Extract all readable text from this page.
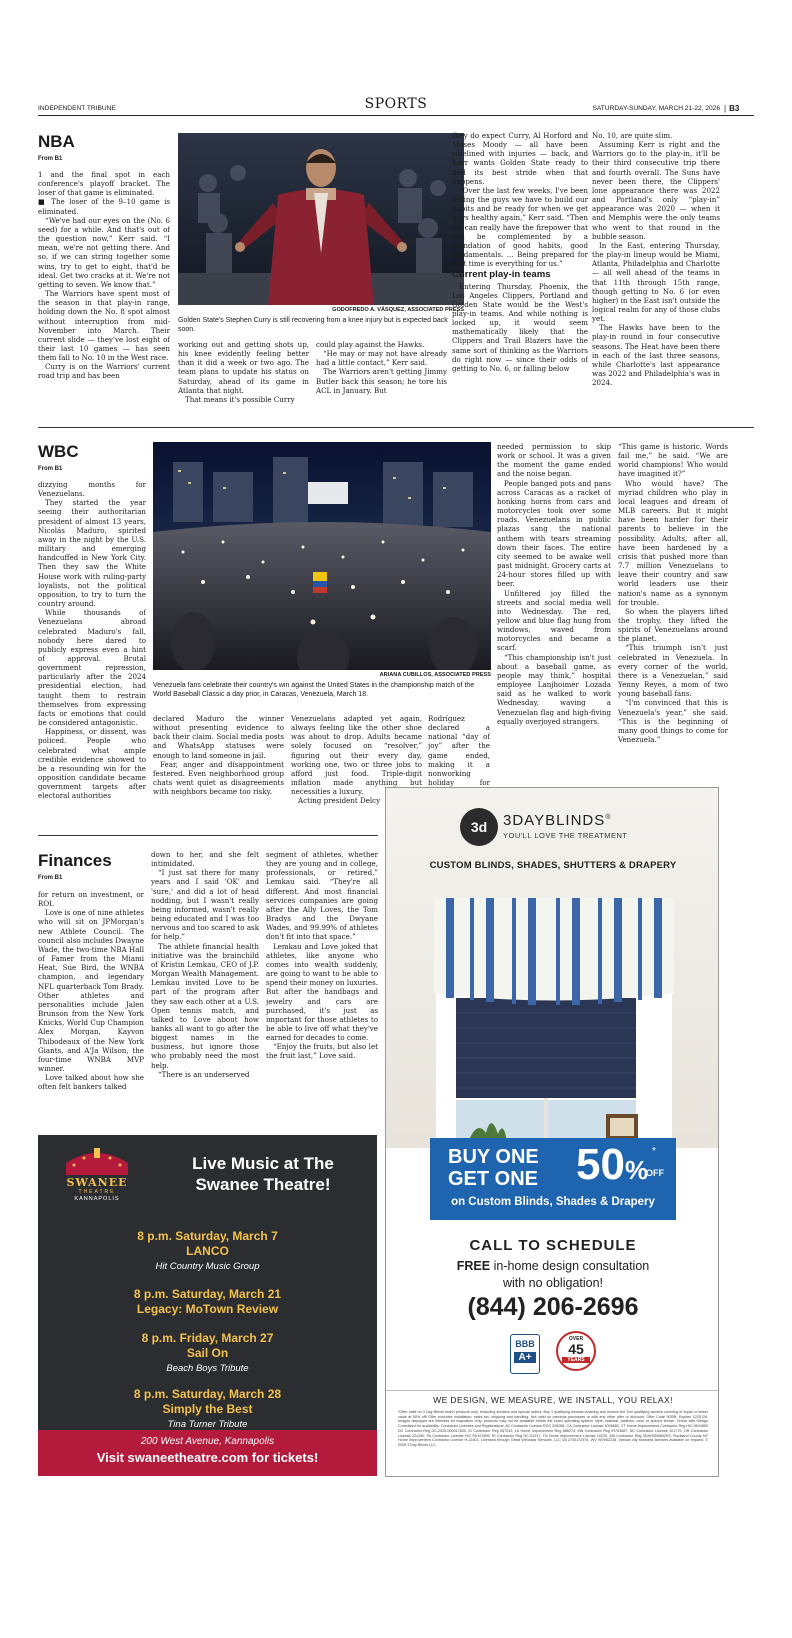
INDEPENDENT TRIBUNE	SPORTS	SATURDAY-SUNDAY, MARCH 21-22, 2026 | B3
NBA
From B1
GODOFREDO A. VÁSQUEZ, ASSOCIATED PRESS
Golden State's Stephen Curry is still recovering from a knee injury but is expected back soon.

1 and the final spot in each conference's playoff bracket. The loser of that game is eliminated.

■ The loser of the 9–10 game is eliminated.

“We've had our eyes on the (No. 6 seed) for a while. And that's out of the question now,” Kerr said. “I mean, we're not getting there. And so, if we can string together some wins, try to get to eight, that'd be ideal. Get two cracks at it. We're not getting to seven. We know that.”

The Warriors have spent most of the season in that play-in range, holding down the No. 8 spot almost without interruption from mid-November into March. Their current slide — they've lost eight of their last 10 games — has seen them fall to No. 10 in the West race.

Curry is on the Warriors' current road trip and has been

working out and getting shots up, his knee evidently feeling better than it did a week or two ago. The team plans to update his status on Saturday, ahead of its game in Atlanta that night.

That means it's possible Curry

could play against the Hawks.

“He may or may not have already had a little contact,” Kerr said.

The Warriors aren't getting Jimmy Butler back this season; he tore his ACL in January. But

they do expect Curry, Al Horford and Moses Moody — all have been sidelined with injuries — back, and Kerr wants Golden State ready to find its best stride when that happens.

“Over the last few weeks, I've been telling the guys we have to build our habits and be ready for when we get guys healthy again,” Kerr said. “Then we can really have the firepower that can be complemented by a foundation of good habits, good fundamentals. … Being prepared for that time is everything for us.”

Current play-in teams

Entering Thursday, Phoenix, the Los Angeles Clippers, Portland and Golden State would be the West's play-in teams. And while nothing is locked up, it would seem mathematically likely that the Clippers and Trail Blazers have the same sort of thinking as the Warriors do right now — since their odds of getting to No. 6, or falling below

No. 10, are quite slim.

Assuming Kerr is right and the Warriors go to the play-in, it'll be their third consecutive trip there and fourth overall. The Suns have never been there, the Clippers' lone appearance there was 2022 and Portland's only “play-in” appearance was 2020 — when it and Memphis were the only teams who went to that round in the bubble season.

In the East, entering Thursday, the play-in lineup would be Miami, Atlanta, Philadelphia and Charlotte — all well ahead of the teams in that 11th through 15th range, though getting to No. 6 (or even higher) in the East isn't outside the logical realm for any of those clubs yet.

The Hawks have been to the play-in round in four consecutive seasons. The Heat have been there in each of the last three seasons, while Charlotte's last appearance was 2022 and Philadelphia's was in 2024.

WBC
From B1
ARIANA CUBILLOS, ASSOCIATED PRESS
Venezuela fans celebrate their country's win against the United States in the championship match of the World Baseball Classic a day prior, in Caracas, Venezuela, March 18.

dizzying months for Venezuelans.

They started the year seeing their authoritarian president of almost 13 years, Nicolás Maduro, spirited away in the night by the U.S. military and emerging handcuffed in New York City. Then they saw the White House work with ruling-party loyalists, not the political opposition, to try to turn the country around.

While thousands of Venezuelans abroad celebrated Maduro's fall, nobody here dared to publicly express even a hint of approval. Brutal government repression, particularly after the 2024 presidential election, had taught them to restrain themselves from expressing facts or emotions that could be considered antagonistic.

Happiness, or dissent, was policed. People who celebrated what ample credible evidence showed to be a resounding win for the opposition candidate became government targets after electoral authorities

declared Maduro the winner without presenting evidence to back their claim. Social media posts and WhatsApp statuses were enough to land someone in jail.

Fear, anger and disappointment festered. Even neighborhood group chats went quiet as disagreements with neighbors became too risky.

Venezuelans adapted yet again, always feeling like the other shoe was about to drop. Adults became solely focused on “resolver,” figuring out their every day, working one, two or three jobs to afford just food. Triple-digit inflation made anything but necessities a luxury.

Acting president Delcy

Rodríguez declared a national “day of joy” after the game ended, making it a nonworking holiday for

needed permission to skip work or school. It was a given the moment the game ended and the noise began.

People banged pots and pans across Caracas as a racket of honking horns from cars and motorcycles took over some roads. Venezuelans in public plazas sang the national anthem with tears streaming down their faces. The entire city seemed to be awake well past midnight. Grocery carts at 24-hour stores filled up with beer.

Unfiltered joy filled the streets and social media well into Wednesday. The red, yellow and blue flag hung from windows, waved from motorcycles and became a scarf.

“This championship isn't just about a baseball game, as people may think,” hospital employee Lanjhoimer Lozada said as he walked to work Wednesday, waving a Venezuelan flag and high-fiving equally overjoyed strangers.

“This game is historic. Words fail me,” he said. “We are world champions! Who would have imagined it?”

Who would have? The myriad children who play in local leagues and dream of MLB careers. But it might have been harder for their parents to believe in the possibility. Adults, after all, have been hardened by a crisis that pushed more than 7.7 million Venezuelans to leave their country and saw world leaders use their nation's name as a synonym for trouble.

So when the players lifted the trophy, they lifted the spirits of Venezuelans around the planet.

“This triumph isn't just celebrated in Venezuela. In every corner of the world, there is a Venezuelan,” said Yenny Reyes, a mom of two young baseball fans.

“I'm convinced that this is Venezuela's year,” she said. “This is the beginning of many good things to come for Venezuela.”

Finances
From B1

for return on investment, or ROI.

Love is one of nine athletes who will sit on JPMorgan's new Athlete Council. The council also includes Dwayne Wade, the two-time NBA Hall of Famer from the Miami Heat, Sue Bird, the WNBA champion, and legendary NFL quarterback Tom Brady. Other athletes and personalities include Jalen Brunson from the New York Knicks, World Cup Champion Alex Morgan, Kayvon Thibodeaux of the New York Giants, and A'Ja Wilson, the four-time WNBA MVP winner.

Love talked about how she often felt bankers talked

down to her, and she felt intimidated.

“I just sat there for many years and I said 'OK' and 'sure,' and did a lot of head nodding, but I wasn't really being informed, wasn't really being educated and I was too nervous and too scared to ask for help.”

The athlete financial health initiative was the brainchild of Kristin Lemkau, CEO of J.P. Morgan Wealth Management. Lemkau invited Love to be part of the program after they saw each other at a U.S. Open tennis match, and talked to Love about how banks all want to go after the biggest names in the business, but ignore those who probably need the most help.

“There is an underserved

segment of athletes, whether they are young and in college, professionals, or retired,” Lemkau said. “They're all different. And most financial services companies are going after the Ally Loves, the Tom Bradys and the Dwyane Wades, and 99.99% of athletes don't fit into that space.”

Lemkau and Love joked that athletes, like anyone who comes into wealth suddenly, are going to want to be able to spend their money on luxuries. But after the handbags and jewelry and cars are purchased, it's just as important for those athletes to be able to live off what they've earned for decades to come.

“Enjoy the fruits, but also let the fruit last,” Love said.

SWANEE
THEATRE
KANNAPOLIS
Live Music at The
Swanee Theatre!
8 p.m. Saturday, March 7
LANCO
Hit Country Music Group
8 p.m. Saturday, March 21
Legacy: MoTown Review
8 p.m. Friday, March 27
Sail On
Beach Boys Tribute
8 p.m. Saturday, March 28
Simply the Best
Tina Turner Tribute
200 West Avenue, Kannapolis
Visit swaneetheatre.com for tickets!
3d	3DAYBLINDS®
YOU'LL LOVE THE TREATMENT
CUSTOM BLINDS, SHADES, SHUTTERS & DRAPERY
BUY ONE
GET ONE 50%
*
OFF
on Custom Blinds, Shades & Drapery
CALL TO SCHEDULE
FREE in-home design consultation
with no obligation!
(844) 206-2696
BBB
A+
OVER
45
YEARS
WE DESIGN, WE MEASURE, WE INSTALL, YOU RELAX!
*Offer valid on 3 Day Blinds brand products only, excluding shutters and special orders. Buy 1 qualifying window covering and receive the 2nd qualifying window covering of equal or lesser value at 50% off! Offer excludes installation, sales tax, shipping and handling. Not valid on previous purchases or with any other offer or discount. Offer Code 9GBB. Expires 12/31/26. Images displayed are intended for inspiration only; products may not be available in/with the exact operating system, style, material, patterns, color or options shown. Check with Design Consultant for availability. Contractor Licenses and Registrations: AZ Contractor License ROC 326056, CA Contractor License 1005880, CT Home Improvement Contractor Reg HIC.0644850 DC Contractor Reg DC-2025-000017830, ID Contractor Reg 057243, LA Home Improvement Reg 886274, MN Contractor Reg IR763687, NC Contractor License 101779, OR Contractor License 224180, PA Contractor License HIC PA107656, RI Contractor Reg GC-51237, TN Home Improvement License 10220, WA Contractor Reg 3DAYBDB842KS, Rockland County NY Home Improvement Contractor License H-12401, Licensed through Great Windows Services, LLC VA 2705172978, WV WV062238. Various city business licenses available on request. © 2026 3 Day Blinds LLC.
